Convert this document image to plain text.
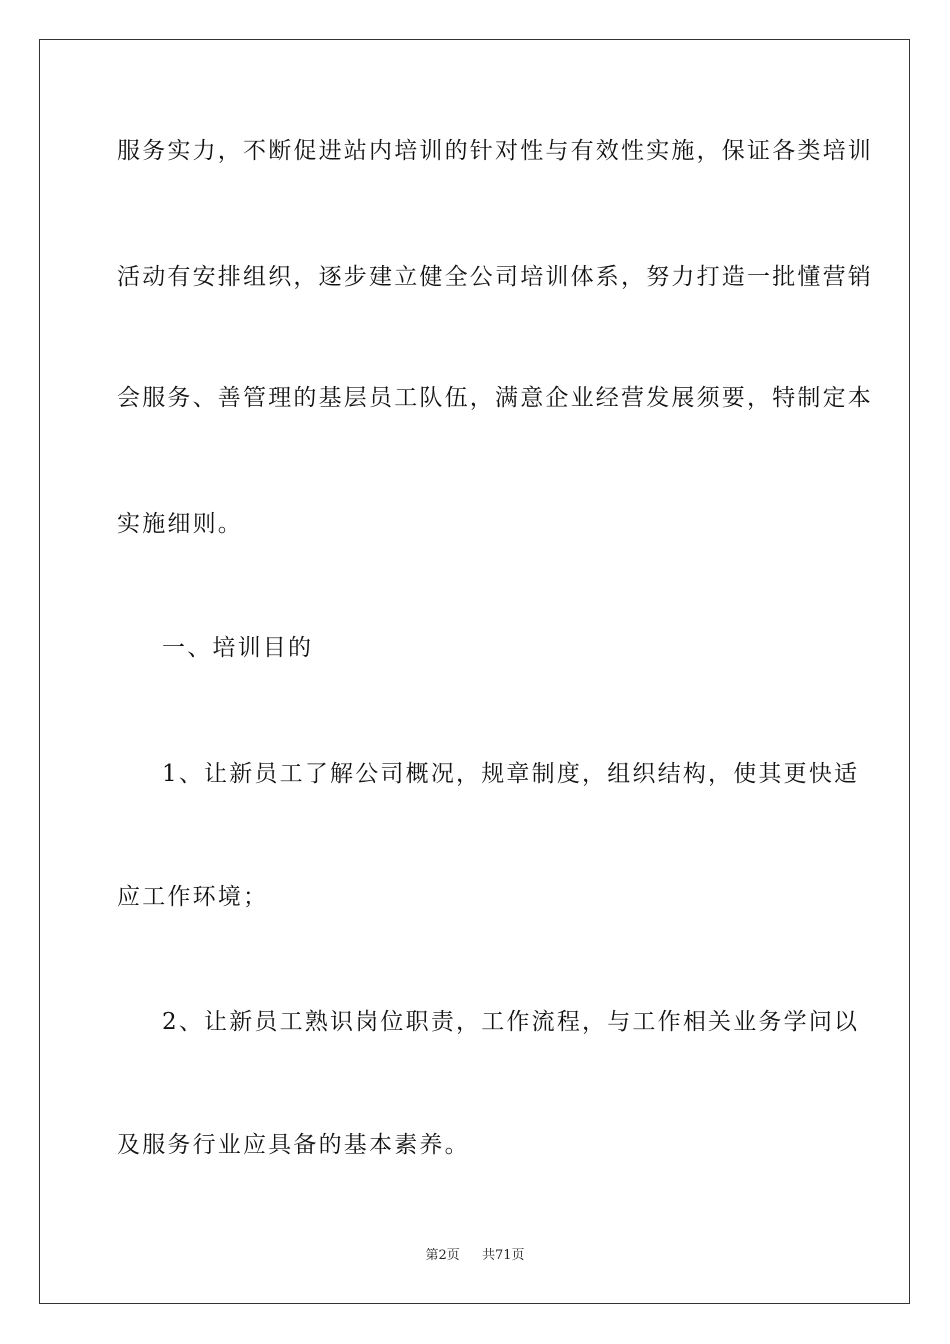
服务实力，不断促进站内培训的针对性与有效性实施，保证各类培训
活动有安排组织，逐步建立健全公司培训体系，努力打造一批懂营销
会服务、善管理的基层员工队伍，满意企业经营发展须要，特制定本
实施细则。
一、培训目的
1、让新员工了解公司概况，规章制度，组织结构，使其更快适
应工作环境；
2、让新员工熟识岗位职责，工作流程，与工作相关业务学问以
及服务行业应具备的基本素养。
第2页 共71页
